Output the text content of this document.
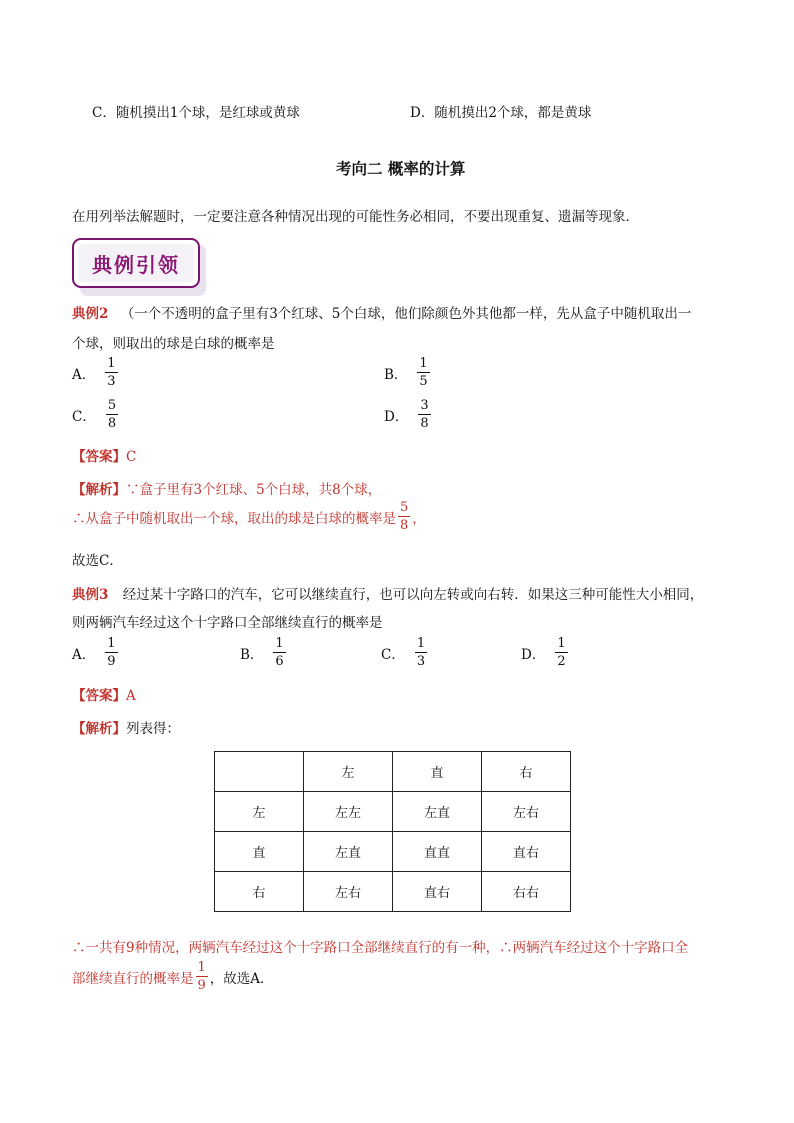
C．随机摸出1个球，是红球或黄球	D．随机摸出2个球，都是黄球
考向二 概率的计算
在用列举法解题时，一定要注意各种情况出现的可能性务必相同，不要出现重复、遗漏等现象．
典例引领
典例2 （一个不透明的盒子里有3个红球、5个白球，他们除颜色外其他都一样，先从盒子中随机取出一
个球，则取出的球是白球的概率是
A． $\frac{1}{3}$	B． $\frac{1}{5}$
C． $\frac{5}{8}$	D． $\frac{3}{8}$
【答案】C
【解析】∵盒子里有3个红球、5个白球，共8个球，
∴从盒子中随机取出一个球，取出的球是白球的概率是 $\frac{5}{8}$ ，
故选C．
典例3 经过某十字路口的汽车，它可以继续直行，也可以向左转或向右转．如果这三种可能性大小相同，
则两辆汽车经过这个十字路口全部继续直行的概率是
A． $\frac{1}{9}$	B． $\frac{1}{6}$	C． $\frac{1}{3}$	D． $\frac{1}{2}$
【答案】A
【解析】列表得：
	左	直	右
左	左左	左直	左右
直	左直	直直	直右
右	左右	直右	右右
∴一共有9种情况，两辆汽车经过这个十字路口全部继续直行的有一种，∴两辆汽车经过这个十字路口全
部继续直行的概率是 $\frac{1}{9}$ ，故选A．
